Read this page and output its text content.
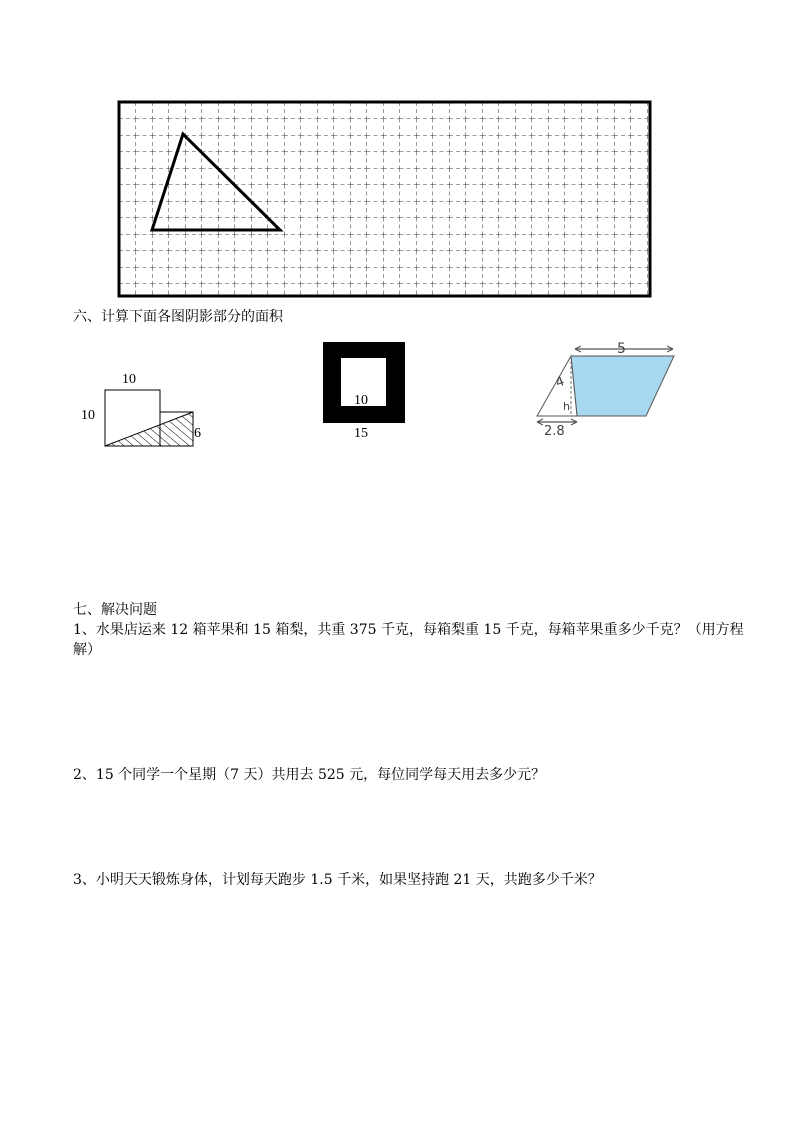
六、计算下面各图阴影部分的面积
10
10
6
10
15
5
4
h
2.8
七、解决问题
1、水果店运来 12 箱苹果和 15 箱梨，共重 375 千克，每箱梨重 15 千克，每箱苹果重多少千克？（用方程
解）
2、15 个同学一个星期（7 天）共用去 525 元，每位同学每天用去多少元？
3、小明天天锻炼身体，计划每天跑步 1.5 千米，如果坚持跑 21 天，共跑多少千米？
